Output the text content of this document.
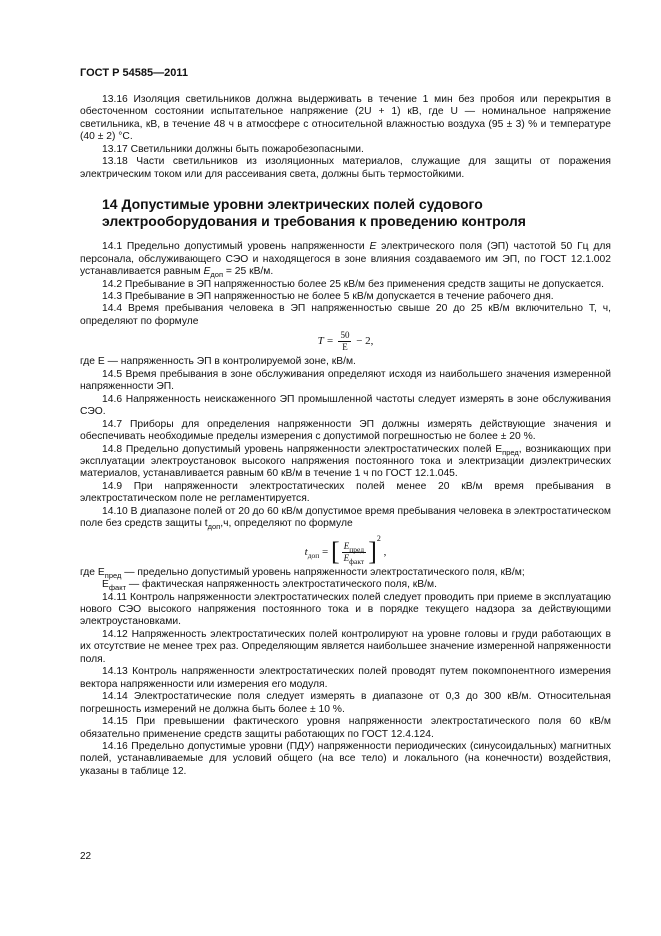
ГОСТ Р 54585—2011

13.16 Изоляция светильников должна выдерживать в течение 1 мин без пробоя или перекрытия в обесточенном состоянии испытательное напряжение (2U + 1) кВ, где U — номинальное напряжение светильника, кВ, в течение 48 ч в атмосфере с относительной влажностью воздуха (95 ± 3) % и температуре (40 ± 2) °С.

13.17 Светильники должны быть пожаробезопасными.

13.18 Части светильников из изоляционных материалов, служащие для защиты от поражения электрическим током или для рассеивания света, должны быть термостойкими.

14 Допустимые уровни электрических полей судового электрооборудования и требования к проведению контроля

14.1 Предельно допустимый уровень напряженности E электрического поля (ЭП) частотой 50 Гц для персонала, обслуживающего СЭО и находящегося в зоне влияния создаваемого им ЭП, по ГОСТ 12.1.002 устанавливается равным $E_{доп} = 25$ кВ/м.

14.2 Пребывание в ЭП напряженностью более 25 кВ/м без применения средств защиты не допускается.

14.3 Пребывание в ЭП напряженностью не более 5 кВ/м допускается в течение рабочего дня.

14.4 Время пребывания человека в ЭП напряженностью свыше 20 до 25 кВ/м включительно T, ч, определяют по формуле

$T = \frac{50}{E} - 2$,

где E — напряженность ЭП в контролируемой зоне, кВ/м.

14.5 Время пребывания в зоне обслуживания определяют исходя из наибольшего значения измеренной напряженности ЭП.

14.6 Напряженность неискаженного ЭП промышленной частоты следует измерять в зоне обслуживания СЭО.

14.7 Приборы для определения напряженности ЭП должны измерять действующие значения и обеспечивать необходимые пределы измерения с допустимой погрешностью не более ± 20 %.

14.8 Предельно допустимый уровень напряженности электростатических полей $E_{пред}$, возникающих при эксплуатации электроустановок высокого напряжения постоянного тока и электризации диэлектрических материалов, устанавливается равным 60 кВ/м в течение 1 ч по ГОСТ 12.1.045.

14.9 При напряженности электростатических полей менее 20 кВ/м время пребывания в электростатическом поле не регламентируется.

14.10 В диапазоне полей от 20 до 60 кВ/м допустимое время пребывания человека в электростатическом поле без средств защиты $t_{доп},ч$, определяют по формуле

$t_{доп}$ = [ $\frac{E_{пред}}{E_{факт}} ]^2$ ,

где $E_{пред}$ — предельно допустимый уровень напряженности электростатического поля, кВ/м;

$E_{факт}$ — фактическая напряженность электростатического поля, кВ/м.

14.11 Контроль напряженности электростатических полей следует проводить при приеме в эксплуатацию нового СЭО высокого напряжения постоянного тока и в порядке текущего надзора за действующими электроустановками.

14.12 Напряженность электростатических полей контролируют на уровне головы и груди работающих в их отсутствие не менее трех раз. Определяющим является наибольшее значение измеренной напряженности поля.

14.13 Контроль напряженности электростатических полей проводят путем покомпонентного измерения вектора напряженности или измерения его модуля.

14.14 Электростатические поля следует измерять в диапазоне от 0,3 до 300 кВ/м. Относительная погрешность измерений не должна быть более ± 10 %.

14.15 При превышении фактического уровня напряженности электростатического поля 60 кВ/м обязательно применение средств защиты работающих по ГОСТ 12.4.124.

14.16 Предельно допустимые уровни (ПДУ) напряженности периодических (синусоидальных) магнитных полей, устанавливаемые для условий общего (на все тело) и локального (на конечности) воздействия, указаны в таблице 12.

22
